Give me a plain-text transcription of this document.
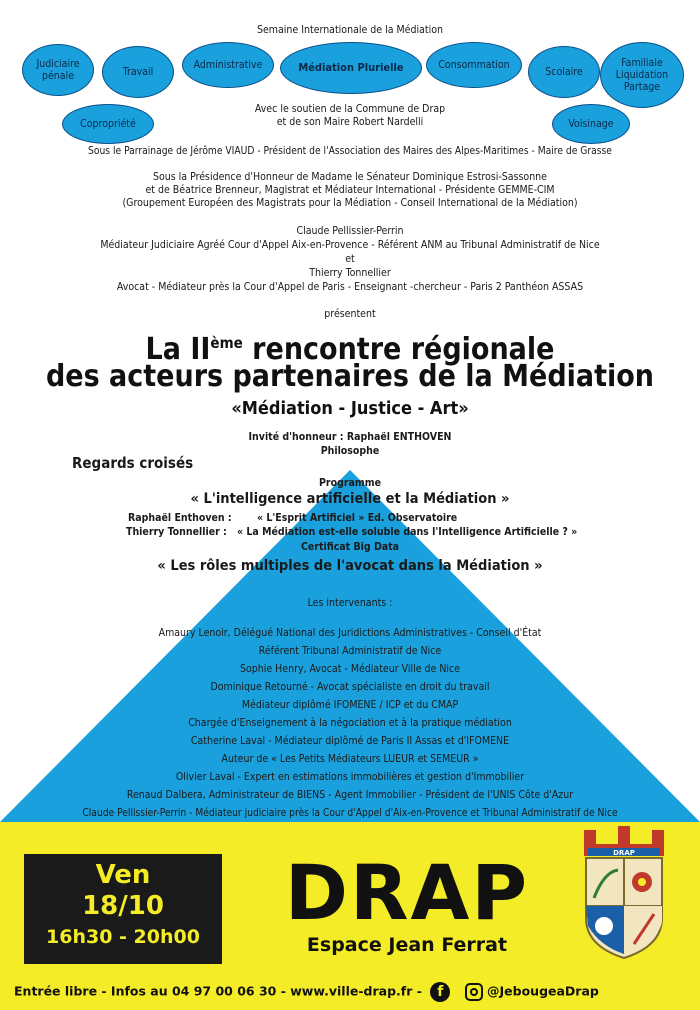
Semaine Internationale de la Médiation
Judiciaire pénale	Travail
Administrative	Médiation Plurielle	Consommation
Scolaire
Familiale Liquidation Partage
Copropriété	Voisinage
Avec le soutien de la Commune de Drap
et de son Maire Robert Nardelli
Sous le Parrainage de Jérôme VIAUD - Président de l'Association des Maires des Alpes-Maritimes - Maire de Grasse
Sous la Présidence d'Honneur de Madame le Sénateur Dominique Estrosi-Sassonne
et de Béatrice Brenneur, Magistrat et Médiateur International - Présidente GEMME-CIM
(Groupement Européen des Magistrats pour la Médiation - Conseil International de la Médiation)
Claude Pellissier-Perrin
Médiateur Judiciaire Agréé Cour d'Appel Aix-en-Provence - Référent ANM au Tribunal Administratif de Nice
et
Thierry Tonnellier
Avocat - Médiateur près la Cour d'Appel de Paris - Enseignant -chercheur - Paris 2 Panthéon ASSAS
présentent
La IIème rencontre régionale
des acteurs partenaires de la Médiation
«Médiation - Justice - Art»
Invité d'honneur : Raphaël ENTHOVEN
Philosophe
Regards croisés
Programme
« L'intelligence artificielle et la Médiation »
Raphaël Enthoven : « L'Esprit Artificiel » Ed. Observatoire
Thierry Tonnellier : « La Médiation est-elle soluble dans l'Intelligence Artificielle ? »
Certificat Big Data
« Les rôles multiples de l'avocat dans la Médiation »
Les intervenants :
Amaury Lenoir, Délégué National des Juridictions Administratives - Conseil d'État
Référent Tribunal Administratif de Nice
Sophie Henry, Avocat - Médiateur Ville de Nice
Dominique Retourné - Avocat spécialiste en droit du travail
Médiateur diplômé IFOMENE / ICP et du CMAP
Chargée d'Enseignement à la négociation et à la pratique médiation
Catherine Laval - Médiateur diplômé de Paris II Assas et d'IFOMENE
Auteur de « Les Petits Médiateurs LUEUR et SEMEUR »
Olivier Laval - Expert en estimations immobilières et gestion d'Immobilier
Renaud Dalbera, Administrateur de BIENS - Agent Immobilier - Président de l'UNIS Côte d'Azur
Claude Pellissier-Perrin - Médiateur judiciaire près la Cour d'Appel d'Aix-en-Provence et Tribunal Administratif de Nice
Ven
18/10
16h30 - 20h00 DRAP
Espace Jean Ferrat
DRAP
Entrée libre - Infos au 04 97 00 06 30 - www.ville-drap.fr - f	@JebougeaDrap
